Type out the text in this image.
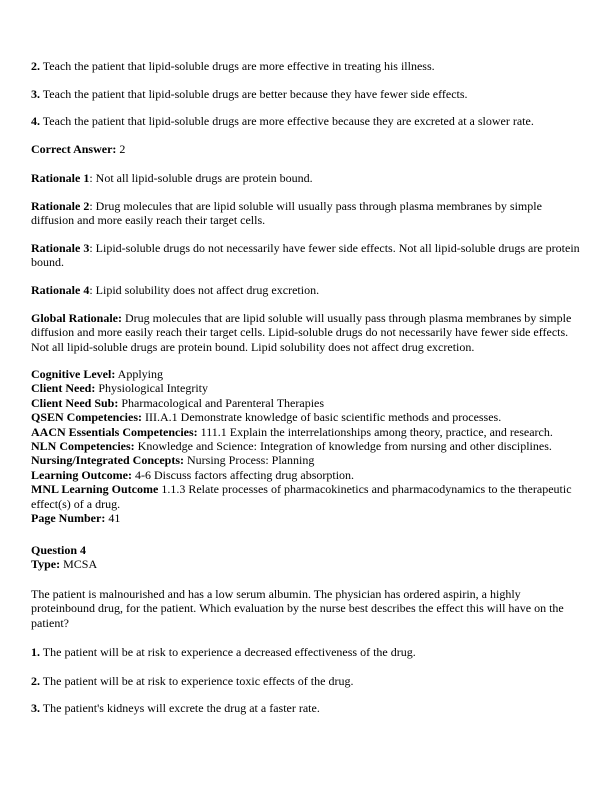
2. Teach the patient that lipid-soluble drugs are more effective in treating his illness.

3. Teach the patient that lipid-soluble drugs are better because they have fewer side effects.

4. Teach the patient that lipid-soluble drugs are more effective because they are excreted at a slower rate.

Correct Answer: 2

Rationale 1: Not all lipid-soluble drugs are protein bound.

Rationale 2: Drug molecules that are lipid soluble will usually pass through plasma membranes by simple diffusion and more easily reach their target cells.

Rationale 3: Lipid-soluble drugs do not necessarily have fewer side effects. Not all lipid-soluble drugs are protein bound.

Rationale 4: Lipid solubility does not affect drug excretion.

Global Rationale: Drug molecules that are lipid soluble will usually pass through plasma membranes by simple diffusion and more easily reach their target cells. Lipid-soluble drugs do not necessarily have fewer side effects. Not all lipid-soluble drugs are protein bound. Lipid solubility does not affect drug excretion.

Cognitive Level: Applying
Client Need: Physiological Integrity
Client Need Sub: Pharmacological and Parenteral Therapies
QSEN Competencies: III.A.1 Demonstrate knowledge of basic scientific methods and processes.
AACN Essentials Competencies: 111.1 Explain the interrelationships among theory, practice, and research.
NLN Competencies: Knowledge and Science: Integration of knowledge from nursing and other disciplines.
Nursing/Integrated Concepts: Nursing Process: Planning
Learning Outcome: 4-6 Discuss factors affecting drug absorption.
MNL Learning Outcome 1.1.3 Relate processes of pharmacokinetics and pharmacodynamics to the therapeutic effect(s) of a drug.
Page Number: 41
Question 4
Type: MCSA

The patient is malnourished and has a low serum albumin. The physician has ordered aspirin, a highly proteinbound drug, for the patient. Which evaluation by the nurse best describes the effect this will have on the patient?

1. The patient will be at risk to experience a decreased effectiveness of the drug.

2. The patient will be at risk to experience toxic effects of the drug.

3. The patient's kidneys will excrete the drug at a faster rate.
